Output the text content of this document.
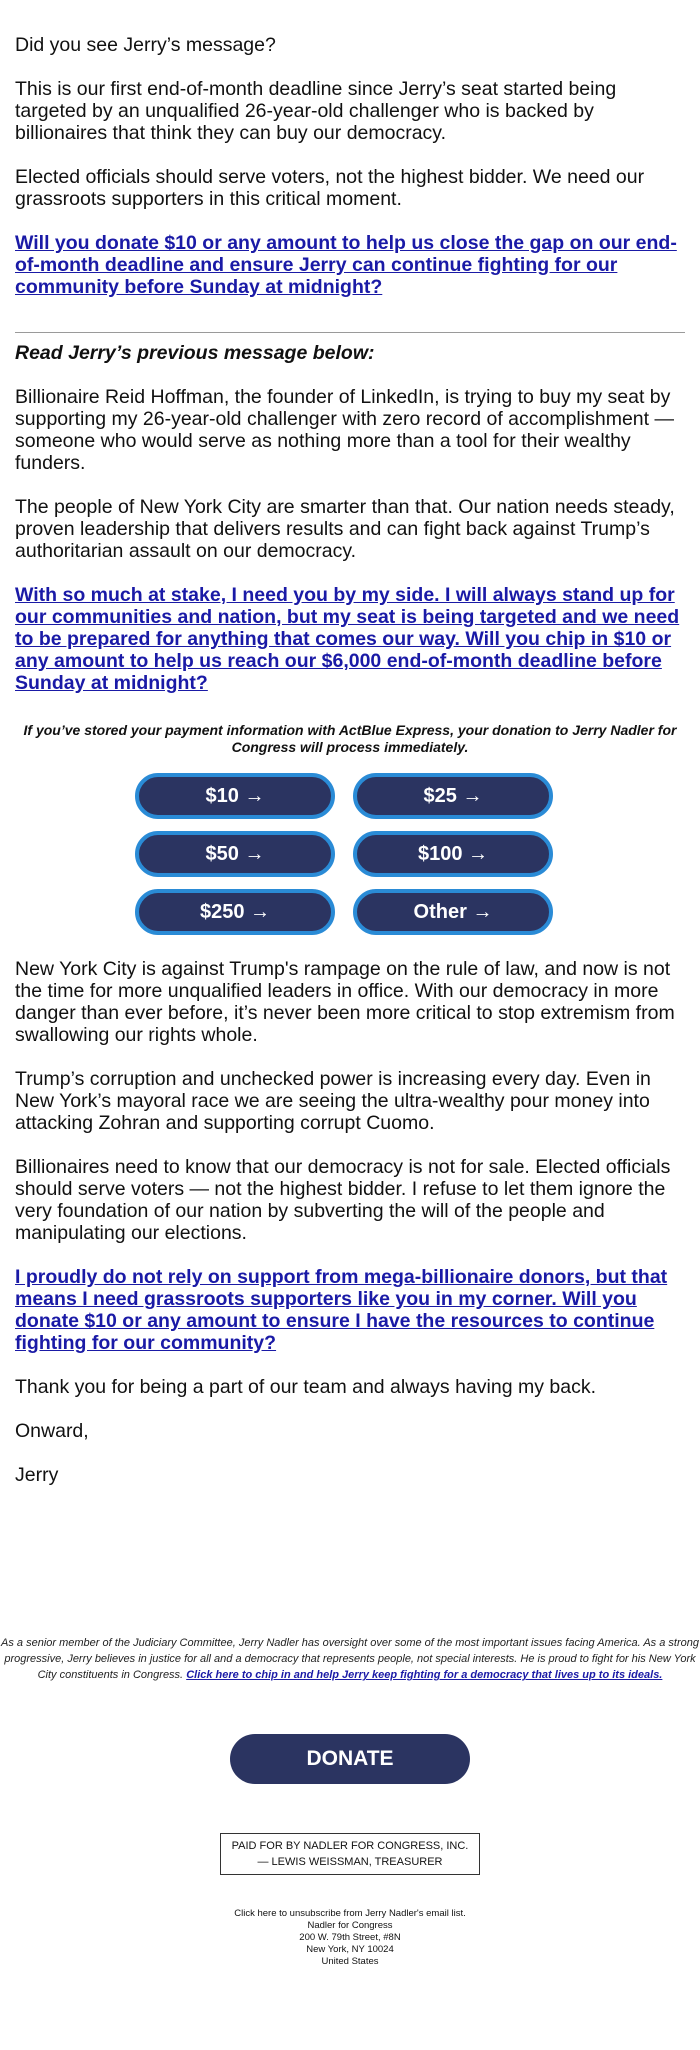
Did you see Jerry’s message?

This is our first end-of-month deadline since Jerry’s seat started being targeted by an unqualified 26-year-old challenger who is backed by billionaires that think they can buy our democracy.

Elected officials should serve voters, not the highest bidder. We need our grassroots supporters in this critical moment.

Will you donate $10 or any amount to help us close the gap on our end-of-month deadline and ensure Jerry can continue fighting for our community before Sunday at midnight?

Read Jerry’s previous message below:

Billionaire Reid Hoffman, the founder of LinkedIn, is trying to buy my seat by supporting my 26-year-old challenger with zero record of accomplishment — someone who would serve as nothing more than a tool for their wealthy funders.

The people of New York City are smarter than that. Our nation needs steady, proven leadership that delivers results and can fight back against Trump’s authoritarian assault on our democracy.

With so much at stake, I need you by my side. I will always stand up for our communities and nation, but my seat is being targeted and we need to be prepared for anything that comes our way. Will you chip in $10 or any amount to help us reach our $6,000 end-of-month deadline before Sunday at midnight?

If you’ve stored your payment information with ActBlue Express, your donation to Jerry Nadler for Congress will process immediately.

$10 →	$25 →
$50 →	$100 →
$250 →	Other →

New York City is against Trump's rampage on the rule of law, and now is not the time for more unqualified leaders in office. With our democracy in more danger than ever before, it’s never been more critical to stop extremism from swallowing our rights whole.

Trump’s corruption and unchecked power is increasing every day. Even in New York’s mayoral race we are seeing the ultra-wealthy pour money into attacking Zohran and supporting corrupt Cuomo.

Billionaires need to know that our democracy is not for sale. Elected officials should serve voters — not the highest bidder. I refuse to let them ignore the very foundation of our nation by subverting the will of the people and manipulating our elections.

I proudly do not rely on support from mega-billionaire donors, but that means I need grassroots supporters like you in my corner. Will you donate $10 or any amount to ensure I have the resources to continue fighting for our community?

Thank you for being a part of our team and always having my back.

Onward,

Jerry

As a senior member of the Judiciary Committee, Jerry Nadler has oversight over some of the most important issues facing America. As a strong progressive, Jerry believes in justice for all and a democracy that represents people, not special interests. He is proud to fight for his New York City constituents in Congress. Click here to chip in and help Jerry keep fighting for a democracy that lives up to its ideals.

DONATE
PAID FOR BY NADLER FOR CONGRESS, INC.
— LEWIS WEISSMAN, TREASURER
Click here to unsubscribe from Jerry Nadler's email list.
Nadler for Congress
200 W. 79th Street, #8N
New York, NY 10024
United States
